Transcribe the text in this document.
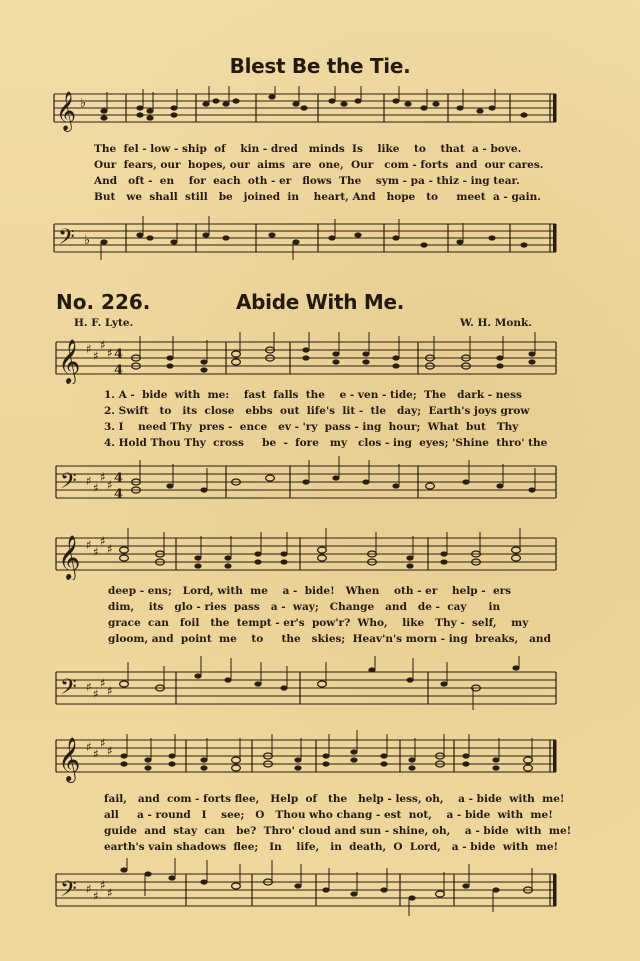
Blest Be the Tie.
𝄞 ♭
The  fel - low - ship  of    kin - dred   minds  Is    like    to    that  a - bove.
Our  fears, our  hopes, our  aims  are  one,  Our   com - forts  and  our cares.
And   oft -  en    for  each  oth - er   flows  The    sym - pa - thiz - ing tear.
But   we  shall  still   be   joined  in    heart, And   hope   to     meet  a - gain.
𝄢 ♭
No. 226.	Abide With Me.
H. F. Lyte.	W. H. Monk.
𝄞 ♯ ♯
♯
♯ 4
4
1. A -  bide  with  me:    fast  falls  the    e - ven - tide;  The   dark - ness
2. Swift   to   its  close   ebbs  out  life's  lit -  tle   day;  Earth's joys grow
3. I    need Thy  pres -  ence   ev - 'ry  pass - ing  hour;  What  but   Thy
4. Hold Thou Thy  cross     be  -  fore   my   clos - ing  eyes; 'Shine  thro' the
𝄢 ♯ ♯
♯
♯ 4
4
𝄞 ♯ ♯
♯
♯
deep - ens;   Lord, with  me    a -  bide!   When    oth - er    help -  ers
dim,    its   glo - ries  pass   a -  way;   Change   and   de -  cay      in
grace  can   foil   the  tempt - er's  pow'r?  Who,    like   Thy -  self,    my
gloom, and  point  me    to     the   skies;  Heav'n's morn - ing  breaks,   and
𝄢 ♯ ♯
♯
♯
𝄞 ♯ ♯
♯
♯
fail,   and  com - forts flee,   Help  of   the   help - less, oh,    a - bide  with  me!
all     a - round   I    see;   O   Thou who chang - est  not,    a - bide  with  me!
guide  and  stay  can   be?  Thro' cloud and sun - shine, oh,    a - bide  with  me!
earth's vain shadows  flee;   In    life,   in  death,  O  Lord,   a - bide  with  me!
𝄢 ♯ ♯
♯
♯
